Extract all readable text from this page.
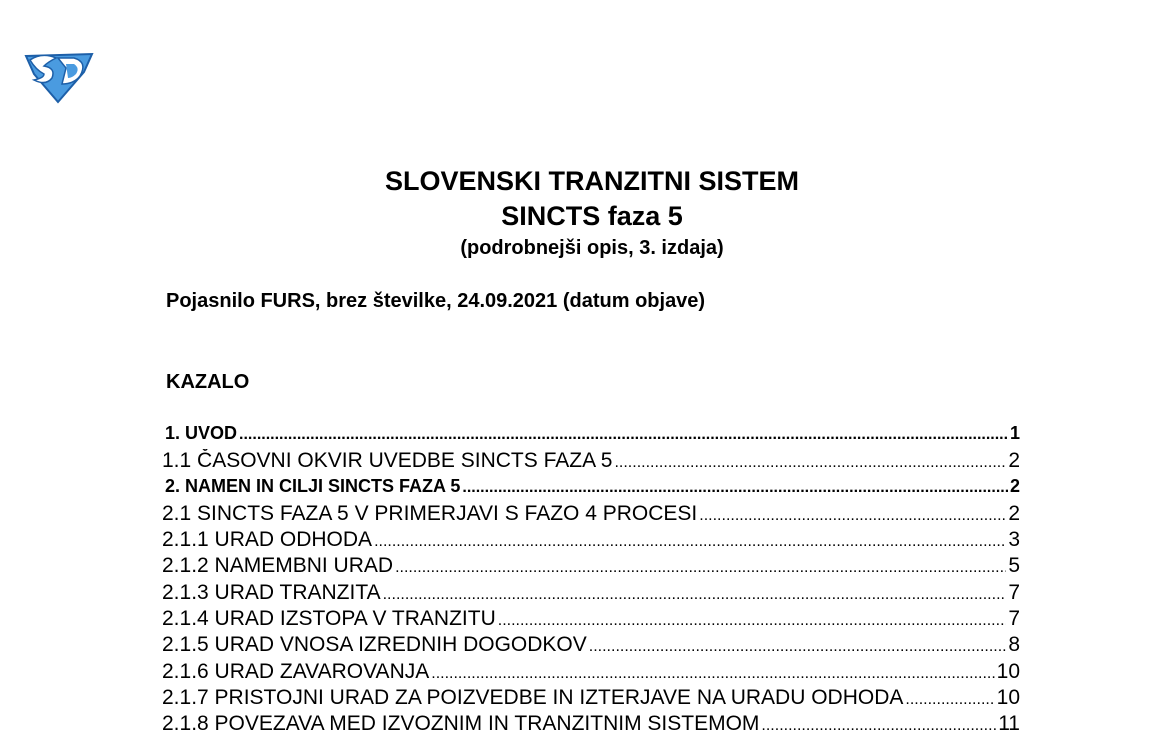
SLOVENSKI TRANZITNI SISTEM
SINCTS faza 5
(podrobnejši opis, 3. izdaja)
Pojasnilo FURS, brez številke, 24.09.2021 (datum objave)
KAZALO
1. UVOD .....	1
1.1 ČASOVNI OKVIR UVEDBE SINCTS FAZA 5 .....	2
2. NAMEN IN CILJI SINCTS FAZA 5 .....	2
2.1 SINCTS FAZA 5 V PRIMERJAVI S FAZO 4 PROCESI .....	2
2.1.1 URAD ODHODA .....	3
2.1.2 NAMEMBNI URAD .....	5
2.1.3 URAD TRANZITA .....	7
2.1.4 URAD IZSTOPA V TRANZITU .....	7
2.1.5 URAD VNOSA IZREDNIH DOGODKOV .....	8
2.1.6 URAD ZAVAROVANJA .....	10
2.1.7 PRISTOJNI URAD ZA POIZVEDBE IN IZTERJAVE NA URADU ODHODA .....	10
2.1.8 POVEZAVA MED IZVOZNIM IN TRANZITNIM SISTEMOM .....	11
